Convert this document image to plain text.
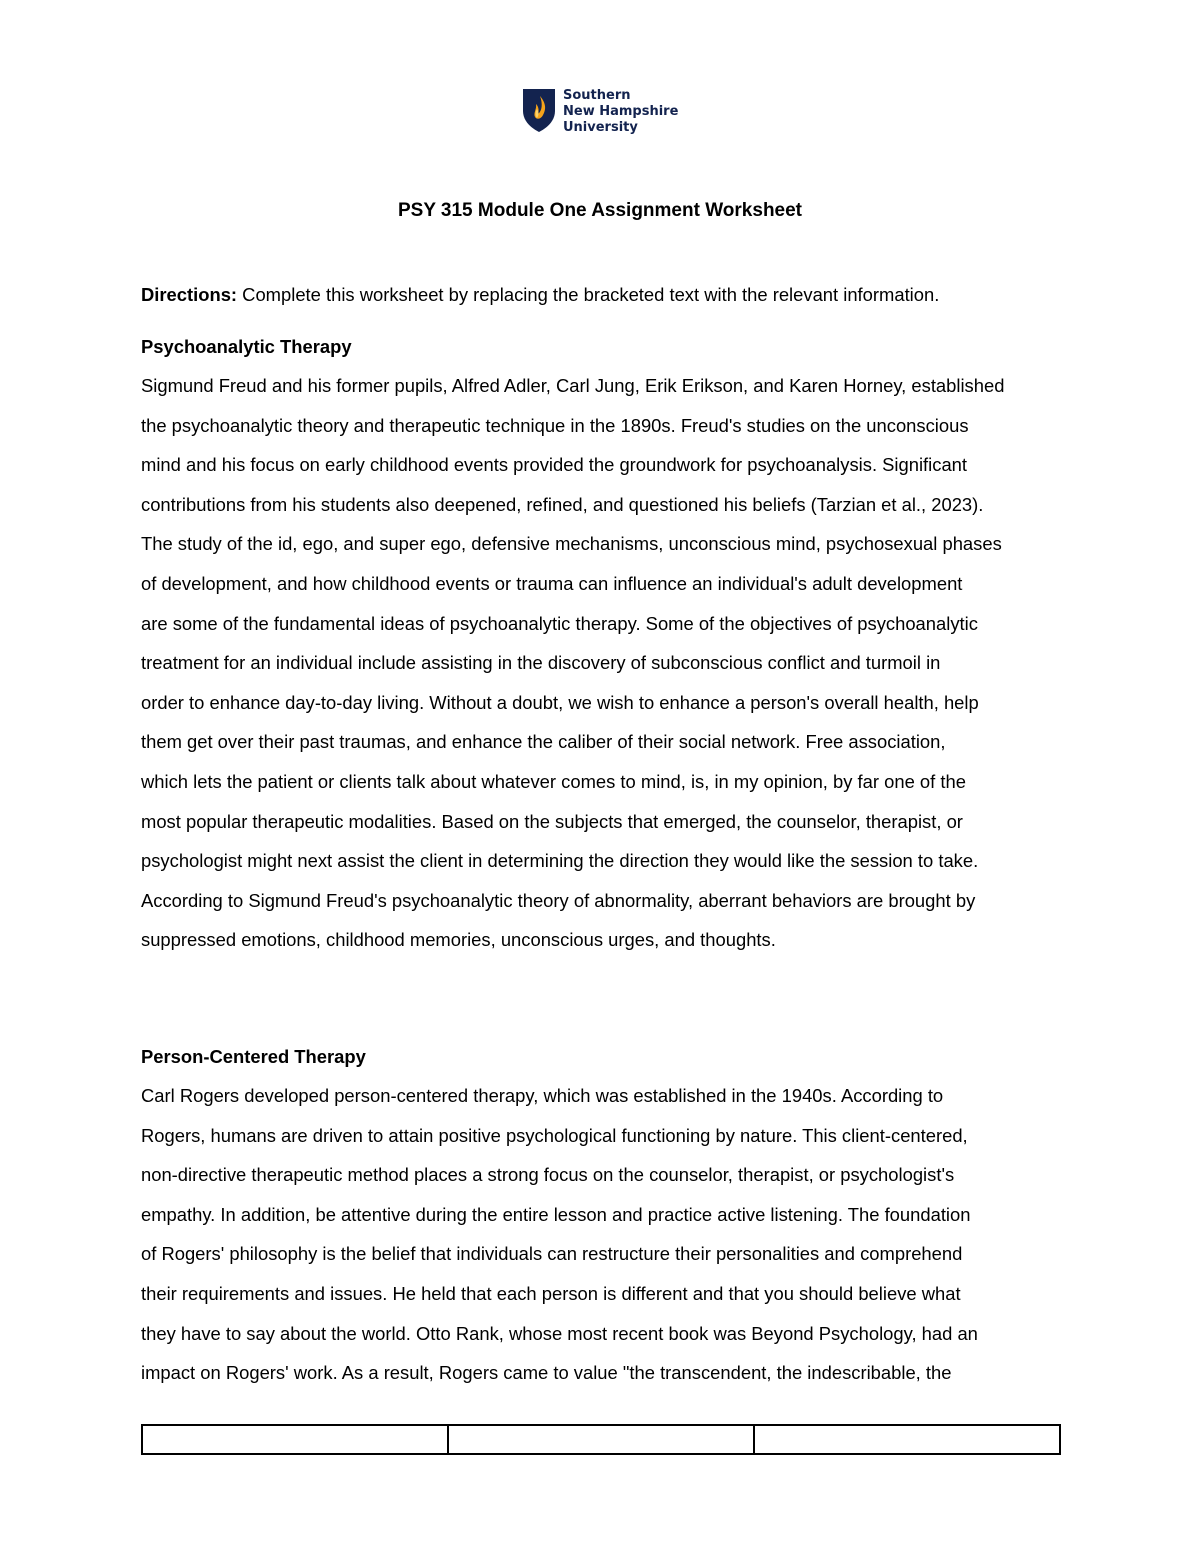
Southern
New Hampshire
University
PSY 315 Module One Assignment Worksheet
Directions: Complete this worksheet by replacing the bracketed text with the relevant information.
Psychoanalytic Therapy
Sigmund Freud and his former pupils, Alfred Adler, Carl Jung, Erik Erikson, and Karen Horney, established
the psychoanalytic theory and therapeutic technique in the 1890s. Freud's studies on the unconscious
mind and his focus on early childhood events provided the groundwork for psychoanalysis. Significant
contributions from his students also deepened, refined, and questioned his beliefs (Tarzian et al., 2023).
The study of the id, ego, and super ego, defensive mechanisms, unconscious mind, psychosexual phases
of development, and how childhood events or trauma can influence an individual's adult development
are some of the fundamental ideas of psychoanalytic therapy. Some of the objectives of psychoanalytic
treatment for an individual include assisting in the discovery of subconscious conflict and turmoil in
order to enhance day-to-day living. Without a doubt, we wish to enhance a person's overall health, help
them get over their past traumas, and enhance the caliber of their social network. Free association,
which lets the patient or clients talk about whatever comes to mind, is, in my opinion, by far one of the
most popular therapeutic modalities. Based on the subjects that emerged, the counselor, therapist, or
psychologist might next assist the client in determining the direction they would like the session to take.
According to Sigmund Freud's psychoanalytic theory of abnormality, aberrant behaviors are brought by
suppressed emotions, childhood memories, unconscious urges, and thoughts.
Person-Centered Therapy
Carl Rogers developed person-centered therapy, which was established in the 1940s. According to
Rogers, humans are driven to attain positive psychological functioning by nature. This client-centered,
non-directive therapeutic method places a strong focus on the counselor, therapist, or psychologist's
empathy. In addition, be attentive during the entire lesson and practice active listening. The foundation
of Rogers' philosophy is the belief that individuals can restructure their personalities and comprehend
their requirements and issues. He held that each person is different and that you should believe what
they have to say about the world. Otto Rank, whose most recent book was Beyond Psychology, had an
impact on Rogers' work. As a result, Rogers came to value "the transcendent, the indescribable, the
